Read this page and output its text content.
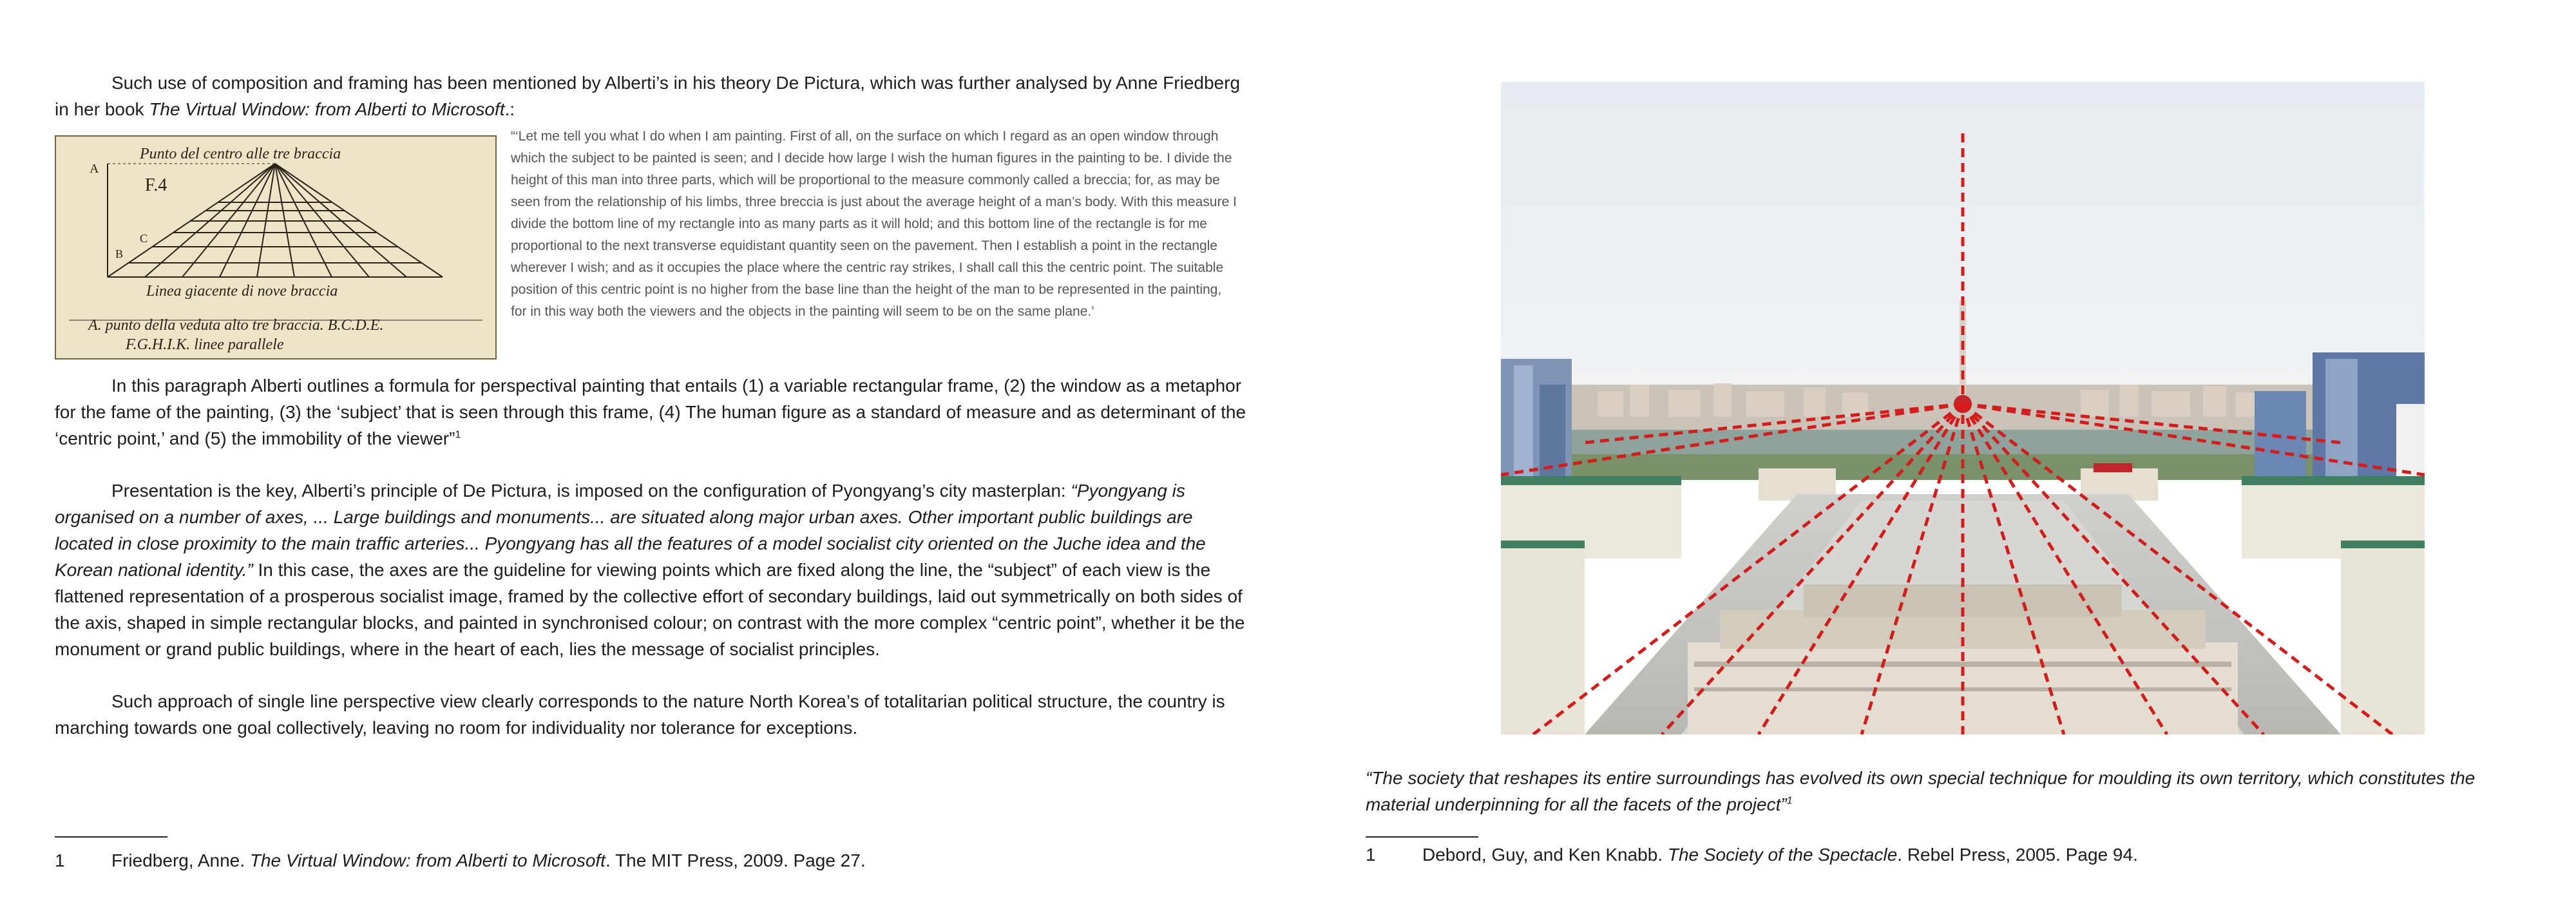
Such use of composition and framing has been mentioned by Alberti’s in his theory De Pictura, which was further analysed by Anne Friedberg in her book The Virtual Window: from Alberti to Microsoft.:

Punto del centro alle tre braccia
F.4
A
B
C
Linea giacente di nove braccia
A. punto della veduta alto tre braccia. B.C.D.E.
F.G.H.I.K. linee parallele

“‘Let me tell you what I do when I am painting. First of all, on the surface on which I regard as an open window through which the subject to be painted is seen; and I decide how large I wish the human figures in the painting to be. I divide the height of this man into three parts, which will be proportional to the measure commonly called a breccia; for, as may be seen from the relationship of his limbs, three breccia is just about the average height of a man’s body. With this measure I divide the bottom line of my rectangle into as many parts as it will hold; and this bottom line of the rectangle is for me proportional to the next transverse equidistant quantity seen on the pavement. Then I establish a point in the rectangle wherever I wish; and as it occupies the place where the centric ray strikes, I shall call this the centric point. The suitable position of this centric point is no higher from the base line than the height of the man to be represented in the painting, for in this way both the viewers and the objects in the painting will seem to be on the same plane.’

In this paragraph Alberti outlines a formula for perspectival painting that entails (1) a variable rectangular frame, (2) the window as a metaphor for the fame of the painting, (3) the ‘subject’ that is seen through this frame, (4) The human figure as a standard of measure and as determinant of the ‘centric point,’ and (5) the immobility of the viewer”$^1$

Presentation is the key, Alberti’s principle of De Pictura, is imposed on the configuration of Pyongyang’s city masterplan: “Pyongyang is organised on a number of axes, ... Large buildings and monuments... are situated along major urban axes. Other important public buildings are located in close proximity to the main traffic arteries... Pyongyang has all the features of a model socialist city oriented on the Juche idea and the Korean national identity.” In this case, the axes are the guideline for viewing points which are fixed along the line, the “subject” of each view is the flattened representation of a prosperous socialist image, framed by the collective effort of secondary buildings, laid out symmetrically on both sides of the axis, shaped in simple rectangular blocks, and painted in synchronised colour; on contrast with the more complex “centric point”, whether it be the monument or grand public buildings, where in the heart of each, lies the message of socialist principles.

Such approach of single line perspective view clearly corresponds to the nature North Korea’s of totalitarian political structure, the country is marching towards one goal collectively, leaving no room for individuality nor tolerance for exceptions.

1	Friedberg, Anne. The Virtual Window: from Alberti to Microsoft. The MIT Press, 2009. Page 27.

“The society that reshapes its entire surroundings has evolved its own special technique for moulding its own territory, which constitutes the material underpinning for all the facets of the project”$^1$

1	Debord, Guy, and Ken Knabb. The Society of the Spectacle. Rebel Press, 2005. Page 94.
